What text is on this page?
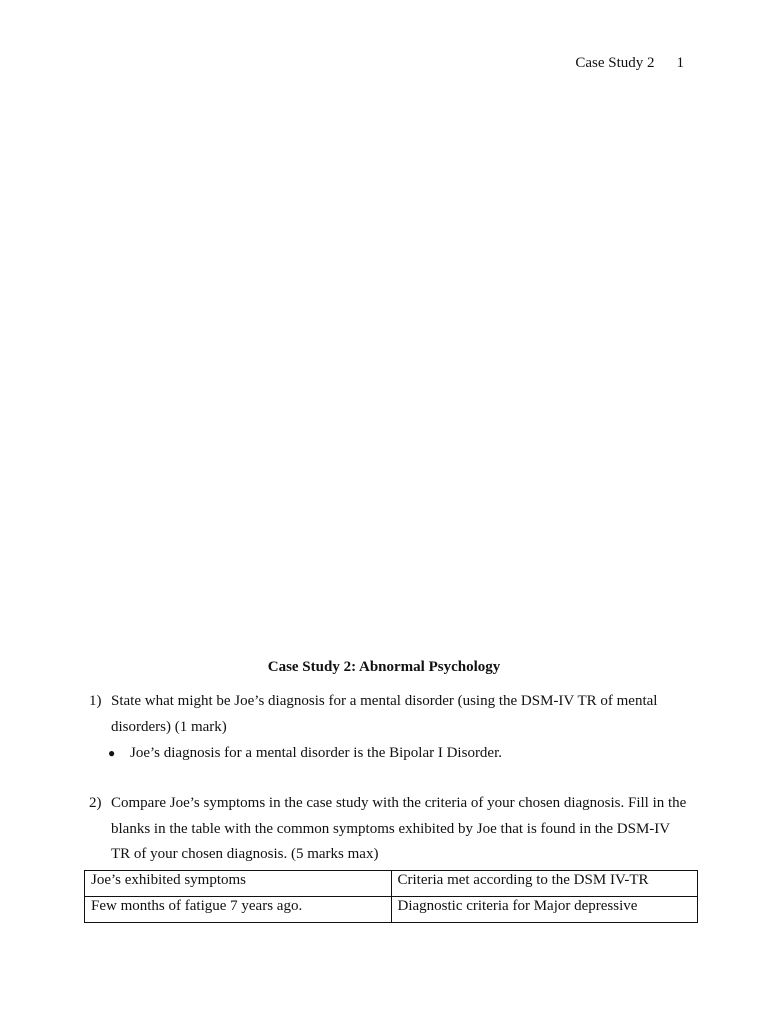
Case Study 2 1
Case Study 2: Abnormal Psychology
1) State what might be Joe’s diagnosis for a mental disorder (using the DSM-IV TR of mental disorders) (1 mark)
● Joe’s diagnosis for a mental disorder is the Bipolar I Disorder.
2) Compare Joe’s symptoms in the case study with the criteria of your chosen diagnosis. Fill in the blanks in the table with the common symptoms exhibited by Joe that is found in the DSM-IV TR of your chosen diagnosis. (5 marks max)
Joe’s exhibited symptoms	Criteria met according to the DSM IV-TR
Few months of fatigue 7 years ago.	Diagnostic criteria for Major depressive
